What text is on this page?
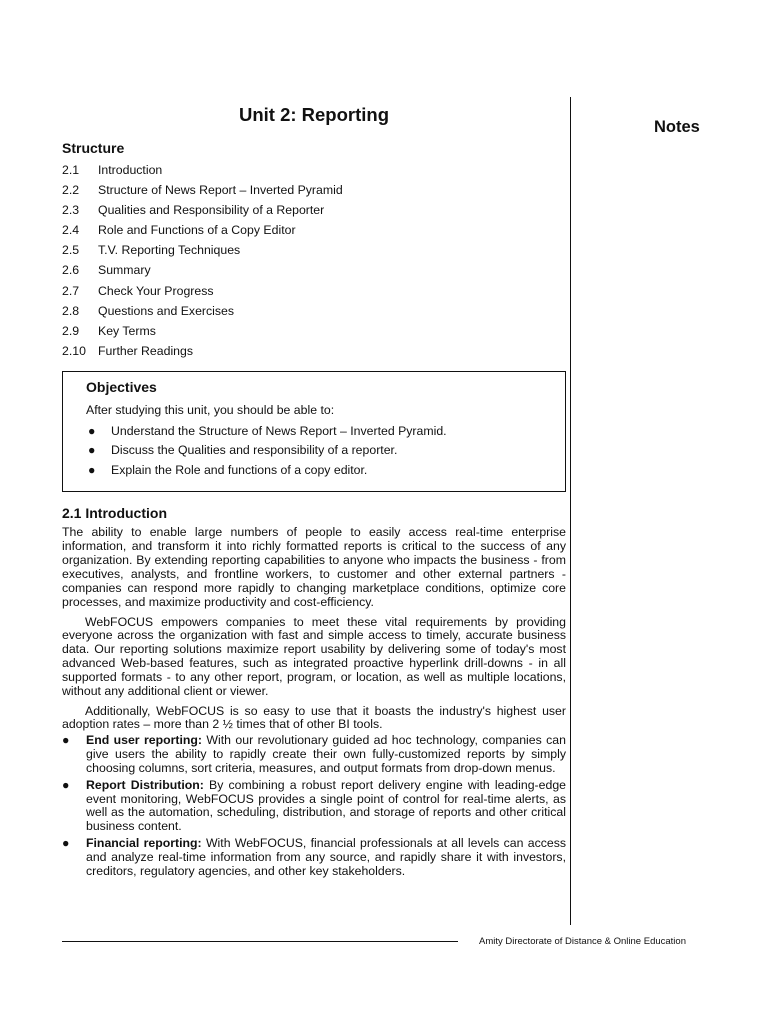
Unit 2: Reporting
Notes
Structure
2.1	Introduction
2.2	Structure of News Report – Inverted Pyramid
2.3	Qualities and Responsibility of a Reporter
2.4	Role and Functions of a Copy Editor
2.5	T.V. Reporting Techniques
2.6	Summary
2.7	Check Your Progress
2.8	Questions and Exercises
2.9	Key Terms
2.10 Further Readings
Objectives

After studying this unit, you should be able to:

●	Understand the Structure of News Report – Inverted Pyramid.
●	Discuss the Qualities and responsibility of a reporter.
●	Explain the Role and functions of a copy editor.
2.1 Introduction

The ability to enable large numbers of people to easily access real-time enterprise information, and transform it into richly formatted reports is critical to the success of any organization. By extending reporting capabilities to anyone who impacts the business - from executives, analysts, and frontline workers, to customer and other external partners - companies can respond more rapidly to changing marketplace conditions, optimize core processes, and maximize productivity and cost-efficiency.

WebFOCUS empowers companies to meet these vital requirements by providing everyone across the organization with fast and simple access to timely, accurate business data. Our reporting solutions maximize report usability by delivering some of today's most advanced Web-based features, such as integrated proactive hyperlink drill-downs - in all supported formats - to any other report, program, or location, as well as multiple locations, without any additional client or viewer.

Additionally, WebFOCUS is so easy to use that it boasts the industry's highest user adoption rates – more than 2 ½ times that of other BI tools.

● End user reporting: With our revolutionary guided ad hoc technology, companies can give users the ability to rapidly create their own fully-customized reports by simply choosing columns, sort criteria, measures, and output formats from drop-down menus.
● Report Distribution: By combining a robust report delivery engine with leading-edge event monitoring, WebFOCUS provides a single point of control for real-time alerts, as well as the automation, scheduling, distribution, and storage of reports and other critical business content.
● Financial reporting: With WebFOCUS, financial professionals at all levels can access and analyze real-time information from any source, and rapidly share it with investors, creditors, regulatory agencies, and other key stakeholders.
Amity Directorate of Distance & Online Education
